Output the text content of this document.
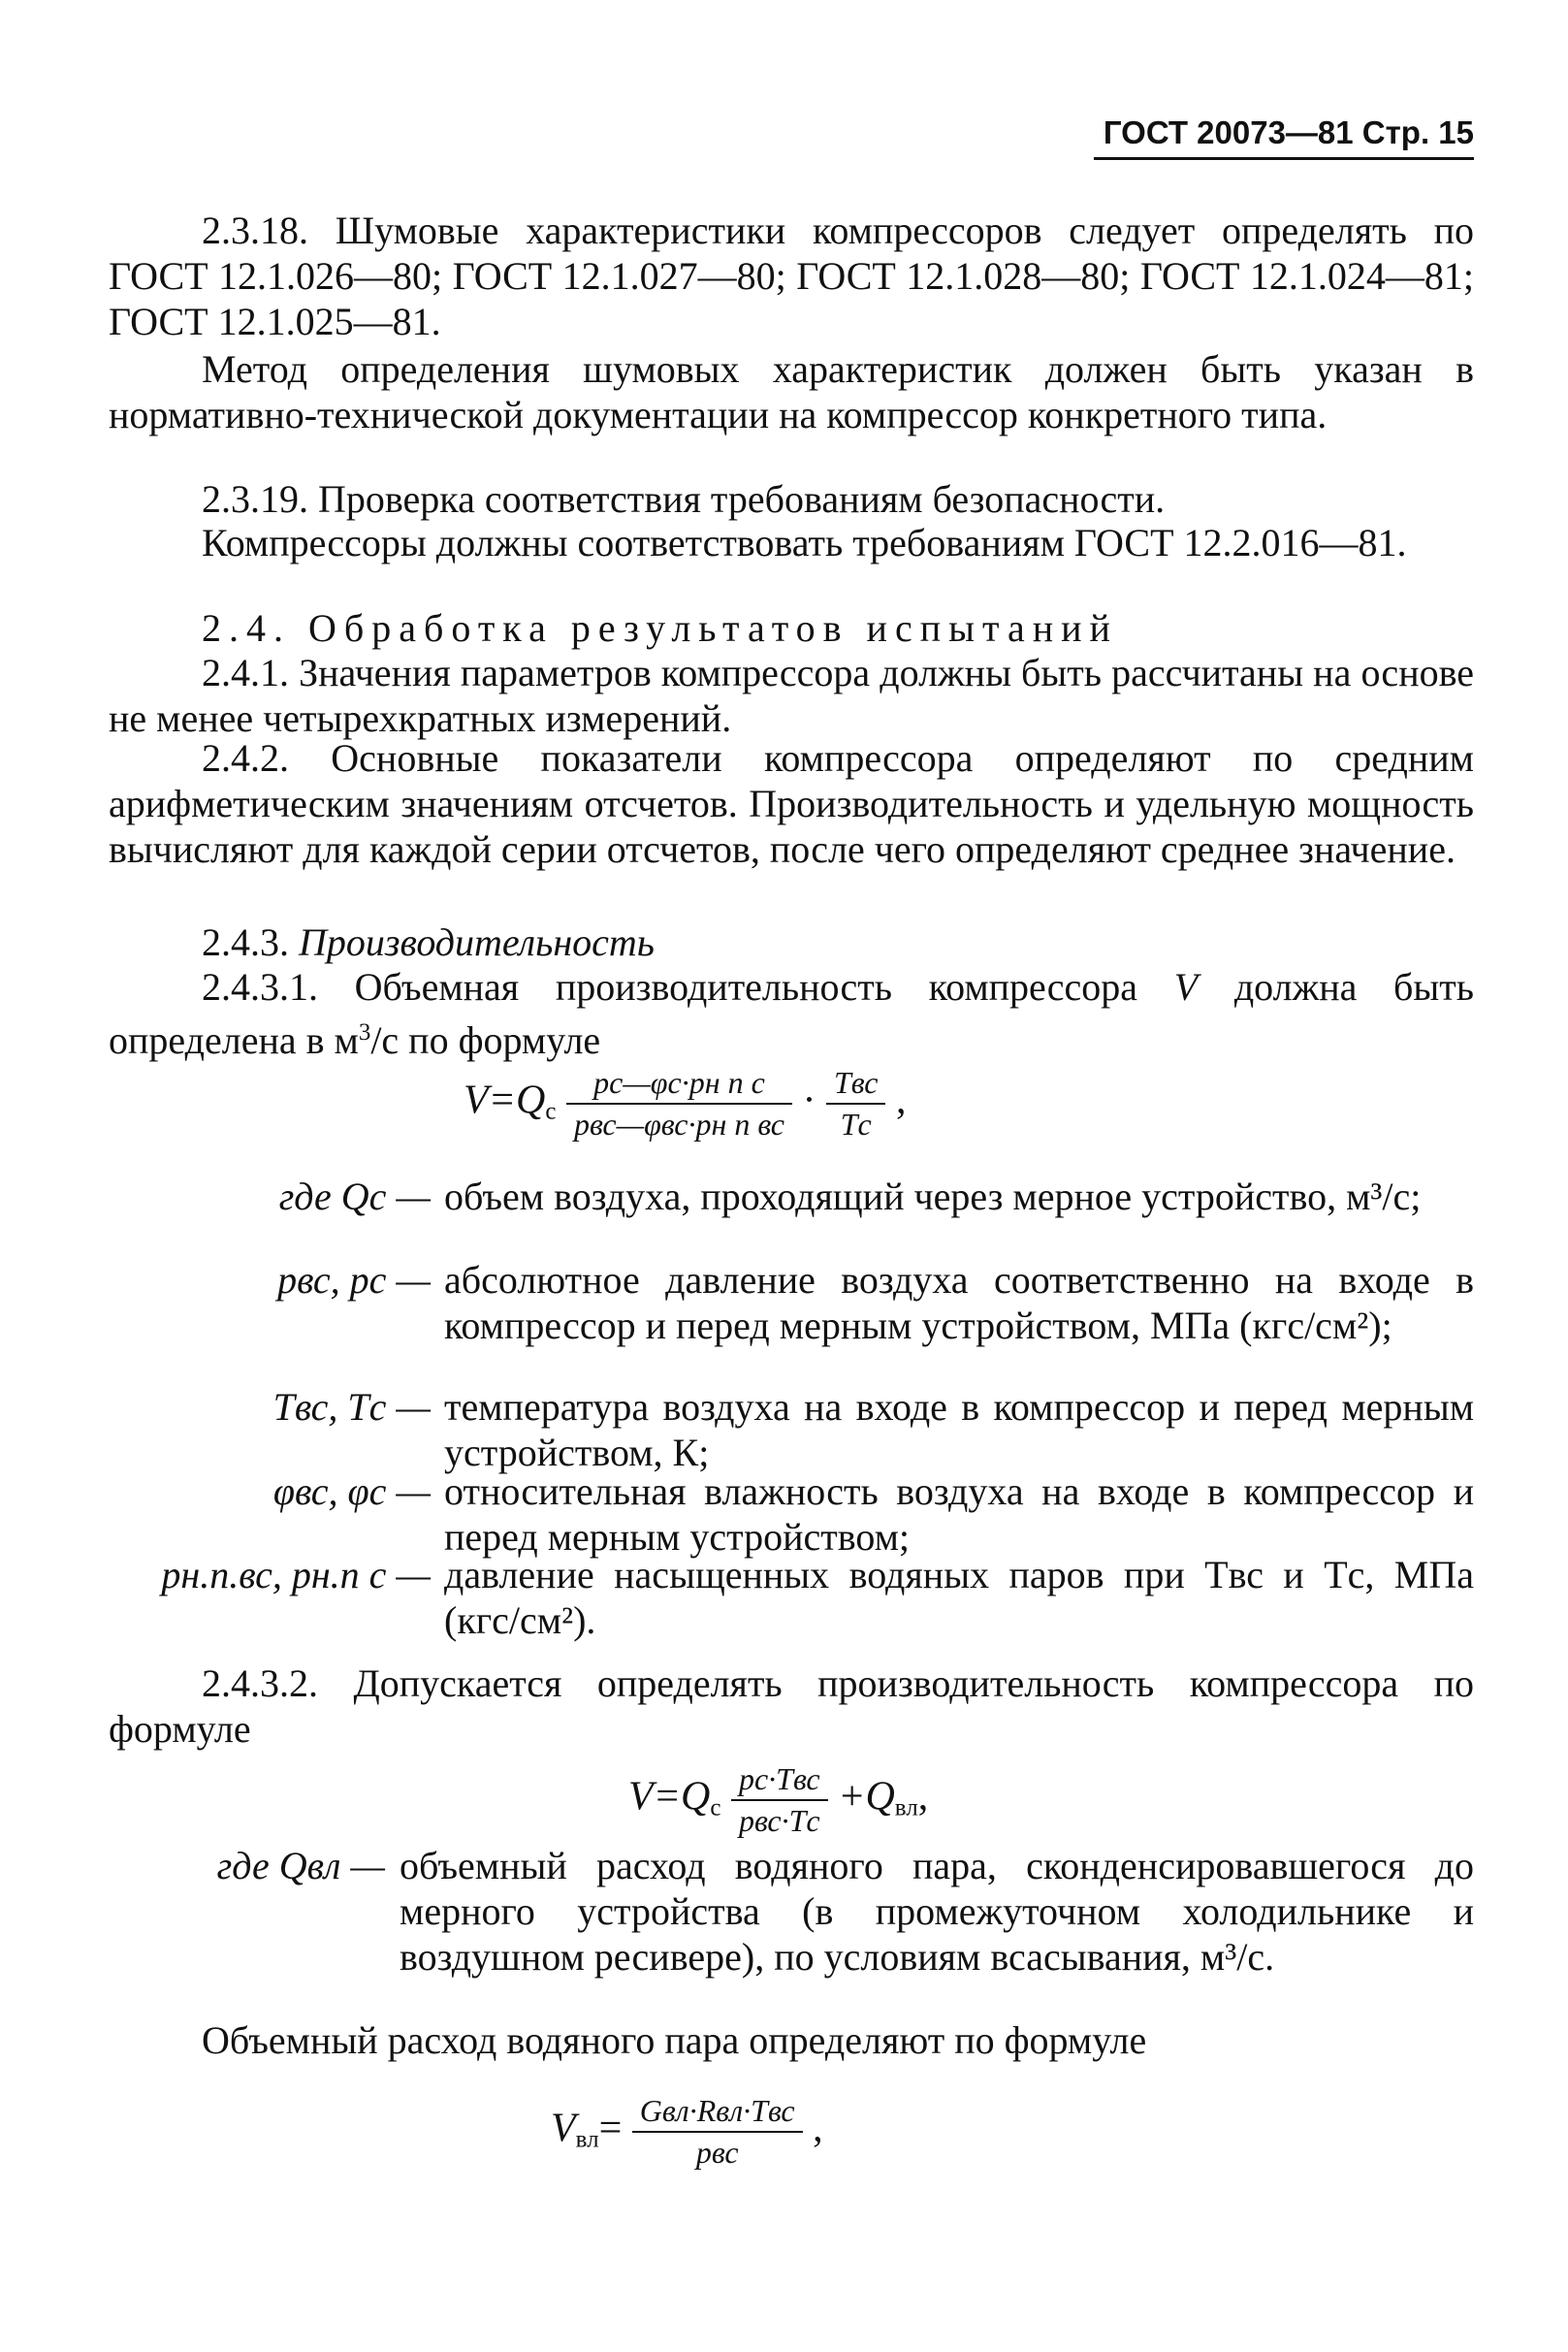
ГОСТ 20073—81 Стр. 15

2.3.18. Шумовые характеристики компрессоров следует определять по ГОСТ 12.1.026—80; ГОСТ 12.1.027—80; ГОСТ 12.1.028—80; ГОСТ 12.1.024—81; ГОСТ 12.1.025—81.

Метод определения шумовых характеристик должен быть указан в нормативно-технической документации на компрессор конкретного типа.

2.3.19. Проверка соответствия требованиям безопасности.

Компрессоры должны соответствовать требованиям ГОСТ 12.2.016—81.

2.4. Обработка результатов испытаний

2.4.1. Значения параметров компрессора должны быть рассчитаны на основе не менее четырехкратных измерений.

2.4.2. Основные показатели компрессора определяют по средним арифметическим значениям отсчетов. Производительность и удельную мощность вычисляют для каждой серии отсчетов, после чего определяют среднее значение.

2.4.3. Производительность

2.4.3.1. Объемная производительность компрессора V должна быть определена в $м^3/с$ по формуле

$V=Q_с \frac{\text{pс—φс·pн п с}}{\text{pвс—φвс·pн п вс}} \cdot \frac{\text{Tвс}}{Tс}$ ,
где Qс — объем воздуха, проходящий через мерное устройство, м³/с;
pвс, pс — абсолютное давление воздуха соответственно на входе в компрессор и перед мерным устройством, МПа (кгс/см²);
Tвс, Tс — температура воздуха на входе в компрессор и перед мерным устройством, К;
φвс, φс — относительная влажность воздуха на входе в компрессор и перед мерным устройством;
pн.п.вс, pн.п с — давление насыщенных водяных паров при Tвс и Tс, МПа (кгс/см²).

2.4.3.2. Допускается определять производительность компрессора по формуле

$V=Q_с \frac{\text{pс·Tвс}}{\text{pвс·Tс}} +Q_{вл}$,
где Qвл — объемный расход водяного пара, сконденсировавшегося до мерного устройства (в промежуточном холодильнике и воздушном ресивере), по условиям всасывания, м³/с.

Объемный расход водяного пара определяют по формуле

$V_{вл}= \frac{\text{Gвл·Rвл·Tвс}}{\text{pвс}}$ ,
